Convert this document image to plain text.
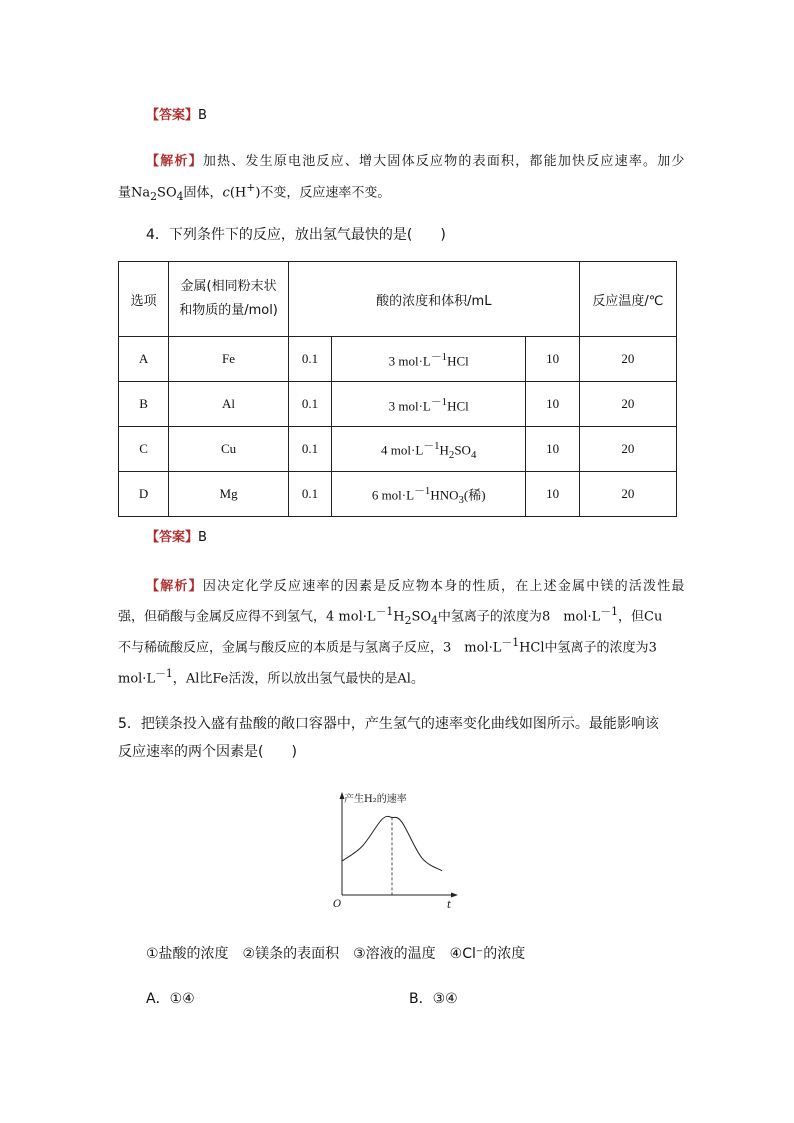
【答案】B
【解析】加热、发生原电池反应、增大固体反应物的表面积，都能加快反应速率。加少
量$Na_2SO_4$固体，c(H+)不变，反应速率不变。
4．下列条件下的反应，放出氢气最快的是(　　)
选项	金属(相同粉末状
和物质的量/mol)	酸的浓度和体积/mL			反应温度/℃
A	Fe	0.1	3 $mol\cdot L^{-1}HCl$	10	20
B	Al	0.1	3 $mol\cdot L^{-1}HCl$	10	20
C	Cu	0.1	4 $mol\cdot L^{-1}H_2SO_4$	10	20
D	Mg	0.1	6 $mol\cdot L^{-1}HNO_3$(稀)	10	20
【答案】B
【解析】因决定化学反应速率的因素是反应物本身的性质，在上述金属中镁的活泼性最
强，但硝酸与金属反应得不到氢气，4 $mol\cdot L^{-1}H_2SO_4$中氢离子的浓度为8　$mol\cdot L^{-1}$，但Cu
不与稀硫酸反应，金属与酸反应的本质是与氢离子反应，3　$mol\cdot L^{-1}HCl$中氢离子的浓度为3
$mol\cdot L^{-1}$，Al比Fe活泼，所以放出氢气最快的是Al。
5．把镁条投入盛有盐酸的敞口容器中，产生氢气的速率变化曲线如图所示。最能影响该
反应速率的两个因素是(　　)
产生H₂的速率
t
O
①盐酸的浓度　②镁条的表面积　③溶液的温度　④Cl⁻的浓度
A．①④	B．③④
